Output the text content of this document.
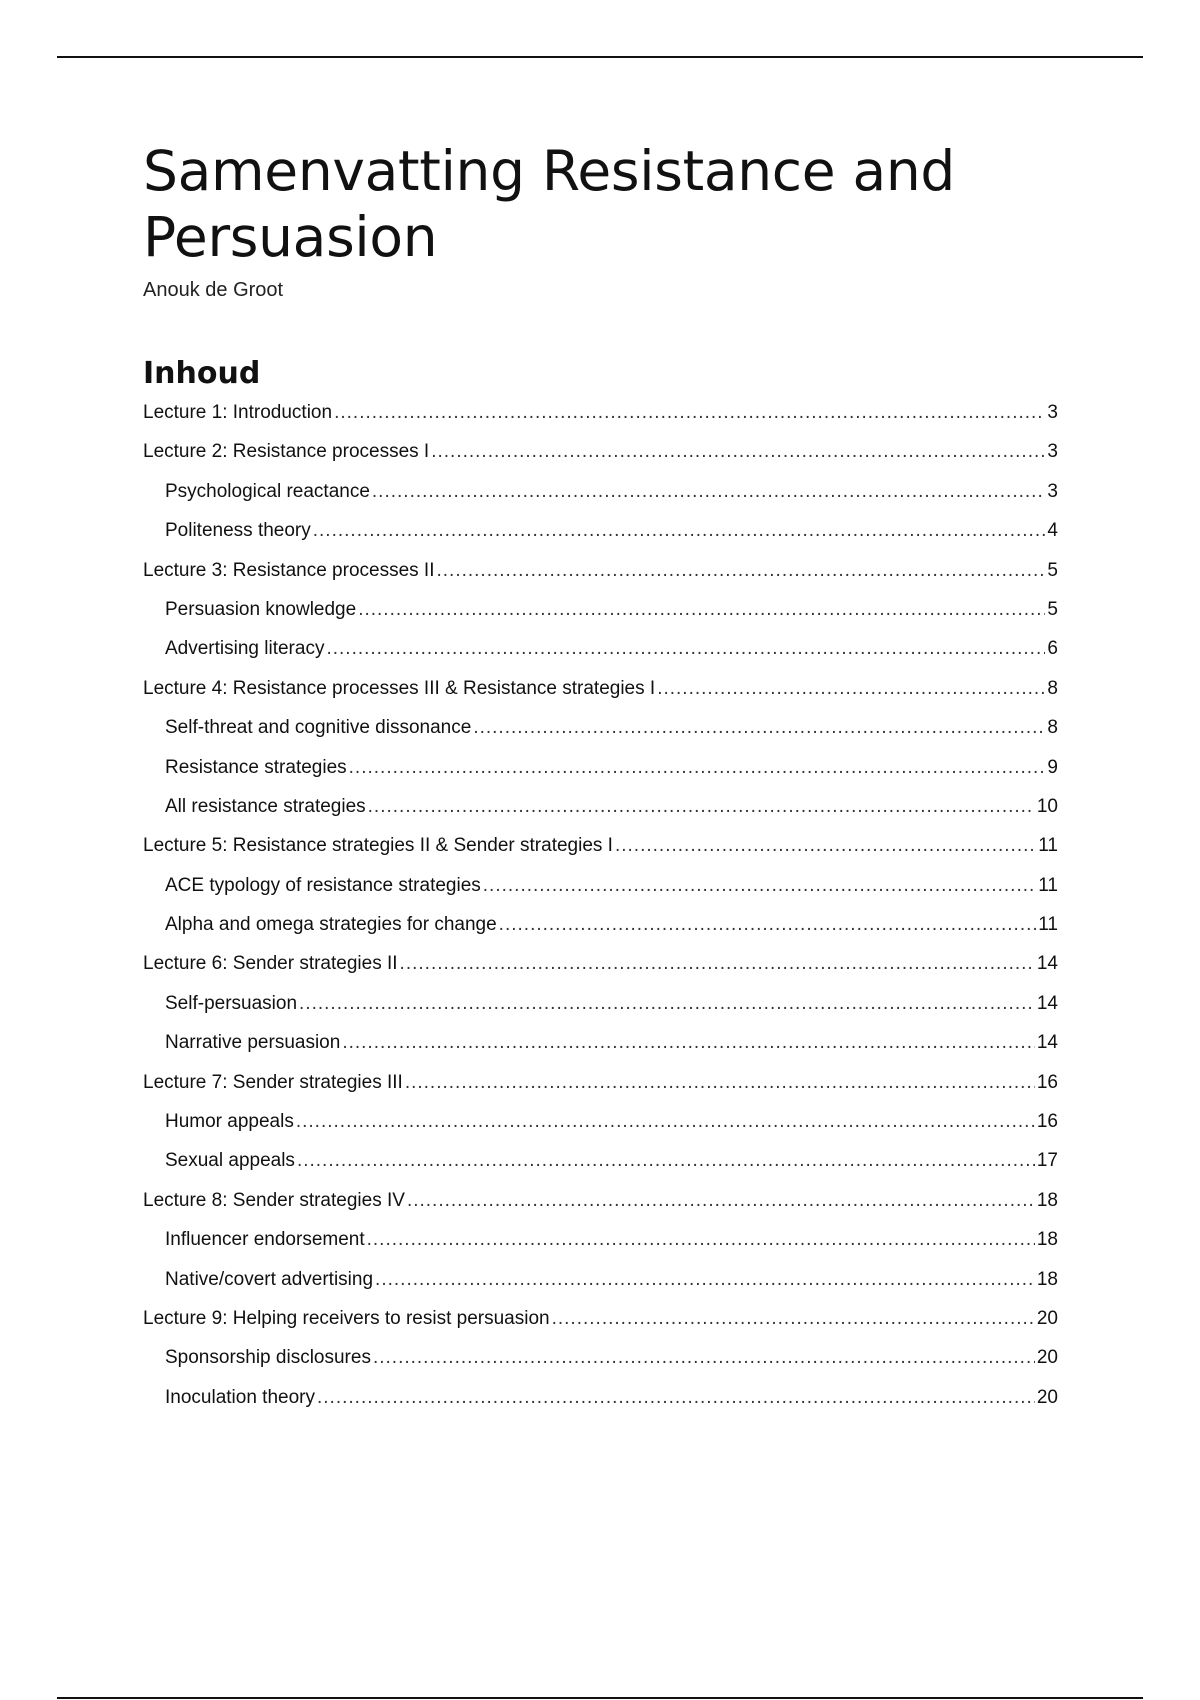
Samenvatting Resistance and Persuasion

Anouk de Groot

Inhoud
Lecture 1: Introduction .....	3
Lecture 2: Resistance processes I .....	3
Psychological reactance .....	3
Politeness theory .....	4
Lecture 3: Resistance processes II .....	5
Persuasion knowledge .....	5
Advertising literacy .....	6
Lecture 4: Resistance processes III & Resistance strategies I .....	8
Self-threat and cognitive dissonance .....	8
Resistance strategies .....	9
All resistance strategies .....	10
Lecture 5: Resistance strategies II & Sender strategies I .....	11
ACE typology of resistance strategies .....	11
Alpha and omega strategies for change .....	11
Lecture 6: Sender strategies II .....	14
Self-persuasion .....	14
Narrative persuasion .....	14
Lecture 7: Sender strategies III .....	16
Humor appeals .....	16
Sexual appeals .....	17
Lecture 8: Sender strategies IV .....	18
Influencer endorsement .....	18
Native/covert advertising .....	18
Lecture 9: Helping receivers to resist persuasion .....	20
Sponsorship disclosures .....	20
Inoculation theory .....	20
